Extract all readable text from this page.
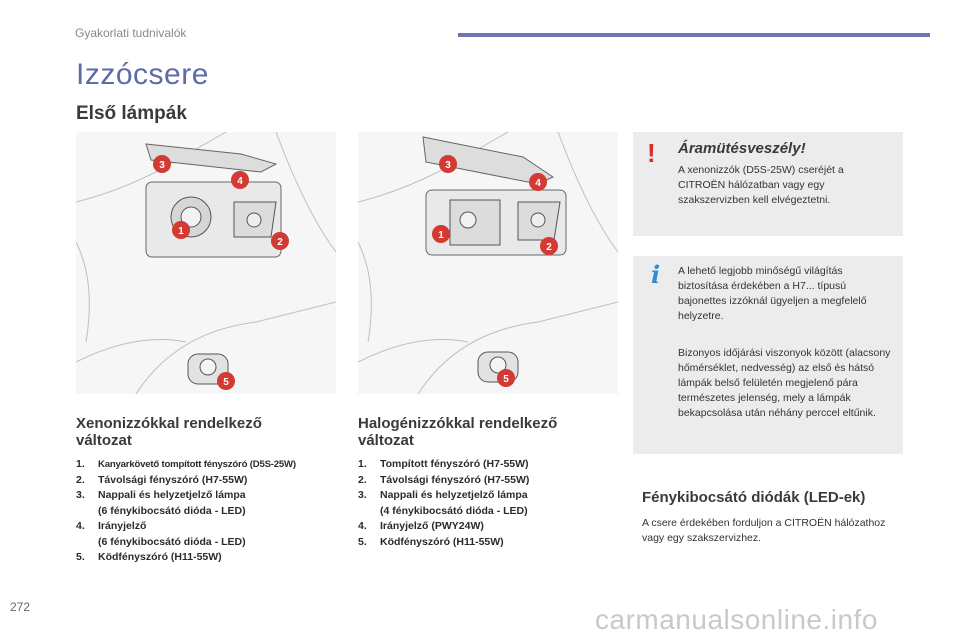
Gyakorlati tudnivalók
Izzócsere
Első lámpák
1
2
3
4
5
1
2
3
4
5
Xenonizzókkal rendelkező
változat
1.	Kanyarkövető tompított fényszóró (D5S-25W)
2.	Távolsági fényszóró (H7-55W)
3.	Nappali és helyzetjelző lámpa
(6 fénykibocsátó dióda - LED)
4.	Irányjelző
(6 fénykibocsátó dióda - LED)
5.	Ködfényszóró (H11-55W)
Halogénizzókkal rendelkező
változat
1.	Tompított fényszóró (H7-55W)
2.	Távolsági fényszóró (H7-55W)
3.	Nappali és helyzetjelző lámpa
(4 fénykibocsátó dióda - LED)
4.	Irányjelző (PWY24W)
5.	Ködfényszóró (H11-55W)
! Áramütésveszély!
A xenonizzók (D5S-25W) cseréjét a CITROËN hálózatban vagy egy szakszervizben kell elvégeztetni.
i A lehető legjobb minőségű világítás biztosítása érdekében a H7... típusú bajonettes izzóknál ügyeljen a megfelelő helyzetre.
Bizonyos időjárási viszonyok között (alacsony hőmérséklet, nedvesség) az első és hátsó lámpák belső felületén megjelenő pára természetes jelenség, mely a lámpák bekapcsolása után néhány perccel eltűnik.
Fénykibocsátó diódák (LED-ek)
A csere érdekében forduljon a CITROËN hálózathoz vagy egy szakszervizhez.
272	carmanualsonline.info
